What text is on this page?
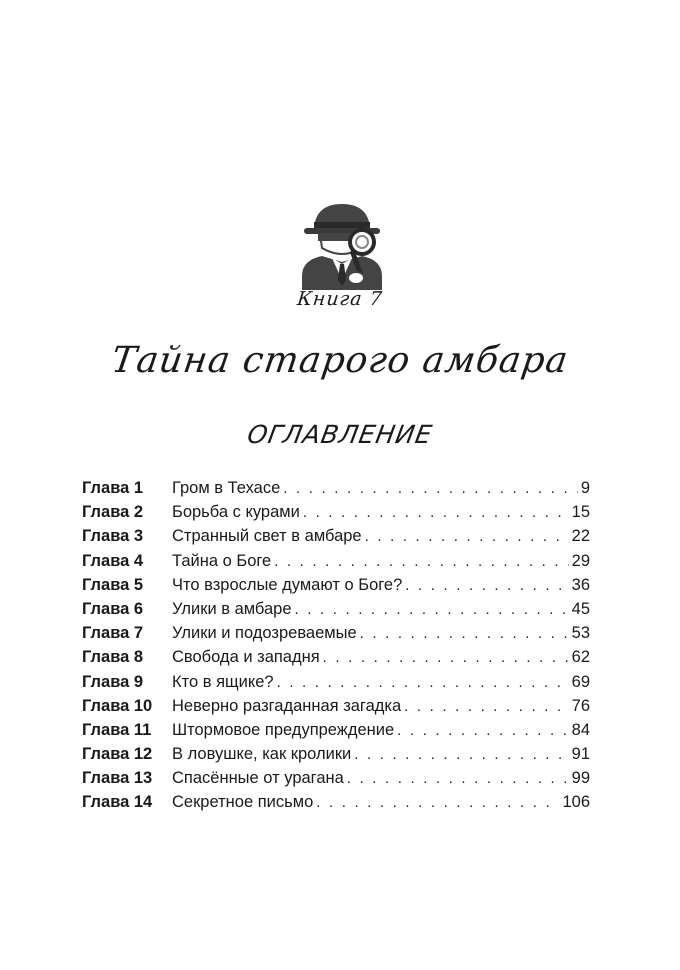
Книга 7
Тайна старого амбара
ОГЛАВЛЕНИЕ
Глава 1	Гром в Техасе . . .	9
Глава 2	Борьба с курами . . .	15
Глава 3	Странный свет в амбаре . . .	22
Глава 4	Тайна о Боге . . .	29
Глава 5	Что взрослые думают о Боге? . . .	36
Глава 6	Улики в амбаре . . .	45
Глава 7	Улики и подозреваемые . . .	53
Глава 8	Свобода и западня . . .	62
Глава 9	Кто в ящике? . . .	69
Глава 10	Неверно разгаданная загадка . . .	76
Глава 11	Штормовое предупреждение . . .	84
Глава 12	В ловушке, как кролики . . .	91
Глава 13	Спасённые от урагана . . .	99
Глава 14	Секретное письмо . . .	106
